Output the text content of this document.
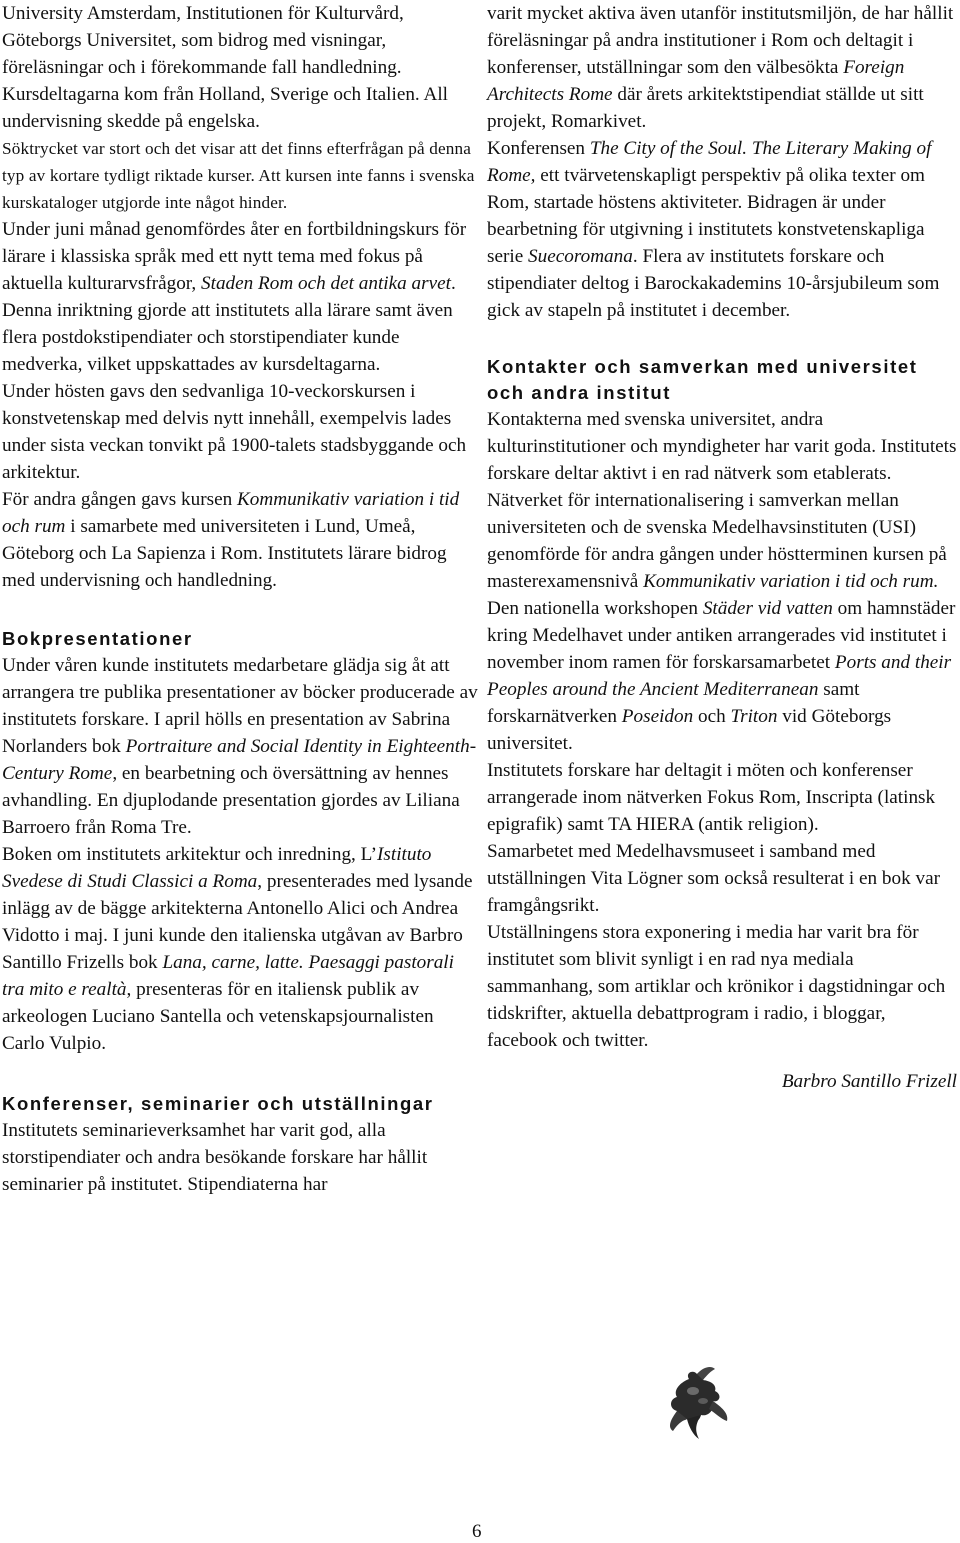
University Amsterdam, Institutionen för Kulturvård, Göteborgs Universitet, som bidrog med visningar, föreläsningar och i förekommande fall handledning. Kursdeltagarna kom från Holland, Sverige och Italien. All undervisning skedde på engelska.

Söktrycket var stort och det visar att det finns efterfrågan på denna typ av kortare tydligt riktade kurser. Att kursen inte fanns i svenska kurskataloger utgjorde inte något hinder.

Under juni månad genomfördes åter en fortbildningskurs för lärare i klassiska språk med ett nytt tema med fokus på aktuella kulturarvsfrågor, Staden Rom och det antika arvet. Denna inriktning gjorde att institutets alla lärare samt även flera postdokstipendiater och storstipendiater kunde medverka, vilket uppskattades av kursdeltagarna.

Under hösten gavs den sedvanliga 10-veckorskursen i konstvetenskap med delvis nytt innehåll, exempelvis lades under sista veckan tonvikt på 1900-talets stadsbyggande och arkitektur.

För andra gången gavs kursen Kommunikativ variation i tid och rum i samarbete med universiteten i Lund, Umeå, Göteborg och La Sapienza i Rom. Institutets lärare bidrog med undervisning och handledning.

Bokpresentationer

Under våren kunde institutets medarbetare glädja sig åt att arrangera tre publika presentationer av böcker producerade av institutets forskare. I april hölls en presentation av Sabrina Norlanders bok Portraiture and Social Identity in Eighteenth-Century Rome, en bearbetning och översättning av hennes avhandling. En djuplodande presentation gjordes av Liliana Barroero från Roma Tre.

Boken om institutets arkitektur och inredning, L’Istituto Svedese di Studi Classici a Roma, presenterades med lysande inlägg av de bägge arkitekterna Antonello Alici och Andrea Vidotto i maj. I juni kunde den italienska utgåvan av Barbro Santillo Frizells bok Lana, carne, latte. Paesaggi pastorali tra mito e realtà, presenteras för en italiensk publik av arkeologen Luciano Santella och vetenskapsjournalisten Carlo Vulpio.

Konferenser, seminarier och utställningar

Institutets seminarieverksamhet har varit god, alla storstipendiater och andra besökande forskare har hållit seminarier på institutet. Stipendiaterna har

varit mycket aktiva även utanför institutsmiljön, de har hållit föreläsningar på andra institutioner i Rom och deltagit i konferenser, utställningar som den välbesökta Foreign Architects Rome där årets arkitektstipendiat ställde ut sitt projekt, Romarkivet.

Konferensen The City of the Soul. The Literary Making of Rome, ett tvärvetenskapligt perspektiv på olika texter om Rom, startade höstens aktiviteter. Bidragen är under bearbetning för utgivning i institutets konstvetenskapliga serie Suecoromana. Flera av institutets forskare och stipendiater deltog i Barockakademins 10-årsjubileum som gick av stapeln på institutet i december.

Kontakter och samverkan med universitet och andra institut

Kontakterna med svenska universitet, andra kulturinstitutioner och myndigheter har varit goda. Institutets forskare deltar aktivt i en rad nätverk som etablerats. Nätverket för internationalisering i samverkan mellan universiteten och de svenska Medelhavsinstituten (USI) genomförde för andra gången under höstterminen kursen på masterexamensnivå Kommunikativ variation i tid och rum.

Den nationella workshopen Städer vid vatten om hamnstäder kring Medelhavet under antiken arrangerades vid institutet i november inom ramen för forskarsamarbetet Ports and their Peoples around the Ancient Mediterranean samt forskarnätverken Poseidon och Triton vid Göteborgs universitet.

Institutets forskare har deltagit i möten och konferenser arrangerade inom nätverken Fokus Rom, Inscripta (latinsk epigrafik) samt TA HIERA (antik religion).

Samarbetet med Medelhavsmuseet i samband med utställningen Vita Lögner som också resulterat i en bok var framgångsrikt.

Utställningens stora exponering i media har varit bra för institutet som blivit synligt i en rad nya mediala sammanhang, som artiklar och krönikor i dagstidningar och tidskrifter, aktuella debattprogram i radio, i bloggar, facebook och twitter.

Barbro Santillo Frizell

6
